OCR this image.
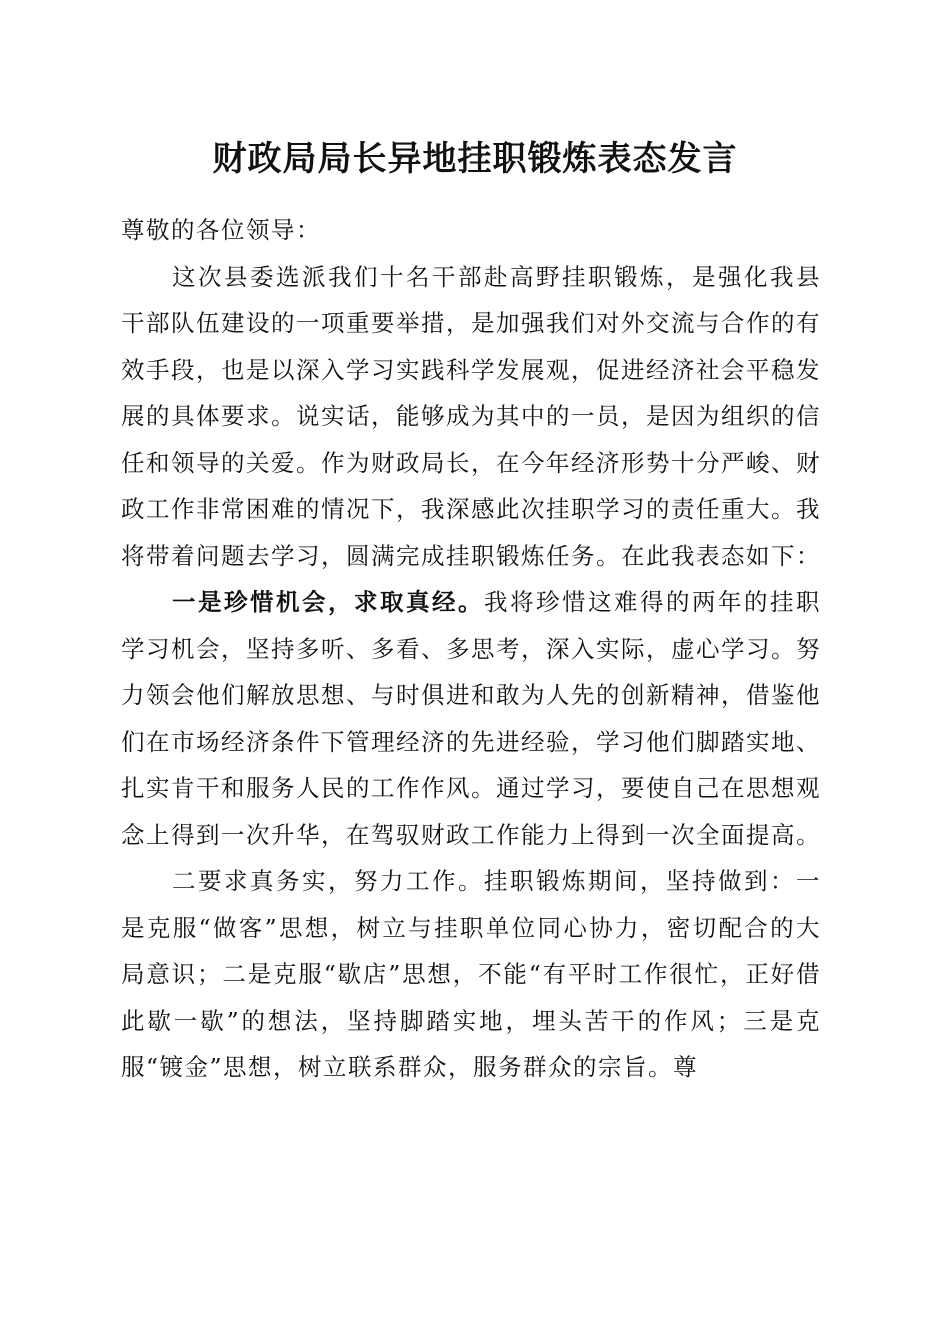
财政局局长异地挂职锻炼表态发言

尊敬的各位领导：

这次县委选派我们十名干部赴高野挂职锻炼，是强化我县干部队伍建设的一项重要举措，是加强我们对外交流与合作的有效手段，也是以深入学习实践科学发展观，促进经济社会平稳发展的具体要求。说实话，能够成为其中的一员，是因为组织的信任和领导的关爱。作为财政局长，在今年经济形势十分严峻、财政工作非常困难的情况下，我深感此次挂职学习的责任重大。我将带着问题去学习，圆满完成挂职锻炼任务。在此我表态如下：

一是珍惜机会，求取真经。我将珍惜这难得的两年的挂职学习机会，坚持多听、多看、多思考，深入实际，虚心学习。努力领会他们解放思想、与时俱进和敢为人先的创新精神，借鉴他们在市场经济条件下管理经济的先进经验，学习他们脚踏实地、扎实肯干和服务人民的工作作风。通过学习，要使自己在思想观念上得到一次升华，在驾驭财政工作能力上得到一次全面提高。

二要求真务实，努力工作。挂职锻炼期间，坚持做到：一是克服“做客”思想，树立与挂职单位同心协力，密切配合的大局意识；二是克服“歇店”思想，不能“有平时工作很忙，正好借此歇一歇”的想法，坚持脚踏实地，埋头苦干的作风；三是克服“镀金”思想，树立联系群众，服务群众的宗旨。尊
